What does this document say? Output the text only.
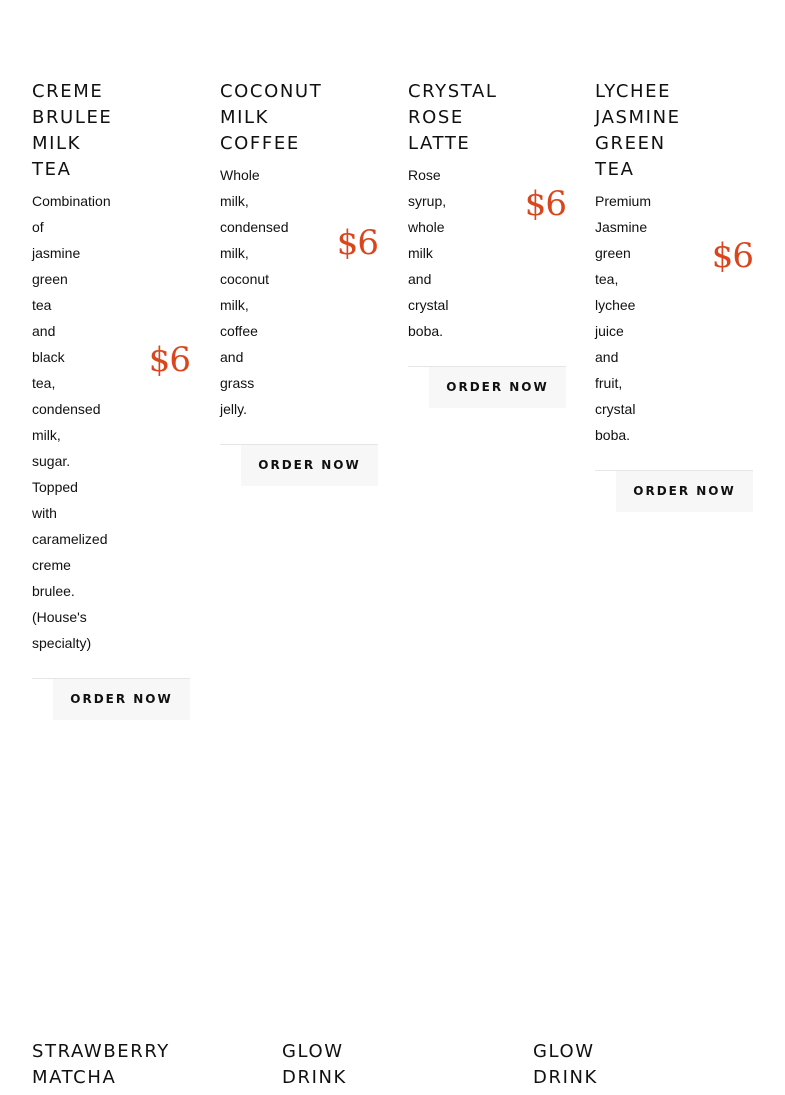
CREME
BRULEE
MILK
TEA

Combination
of
jasmine
green
tea
and
black
tea,
condensed
milk,
sugar.
Topped
with
caramelized
creme
brulee.
(House's
specialty)

$6
ORDER NOW
COCONUT
MILK
COFFEE

Whole
milk,
condensed
milk,
coconut
milk,
coffee
and
grass
jelly.

$6
ORDER NOW
CRYSTAL
ROSE
LATTE

Rose
syrup,
whole
milk
and
crystal
boba.

$6
ORDER NOW
LYCHEE
JASMINE
GREEN
TEA

Premium
Jasmine
green
tea,
lychee
juice
and
fruit,
crystal
boba.

$6
ORDER NOW
STRAWBERRY
MATCHA
GLOW
DRINK
GLOW
DRINK
